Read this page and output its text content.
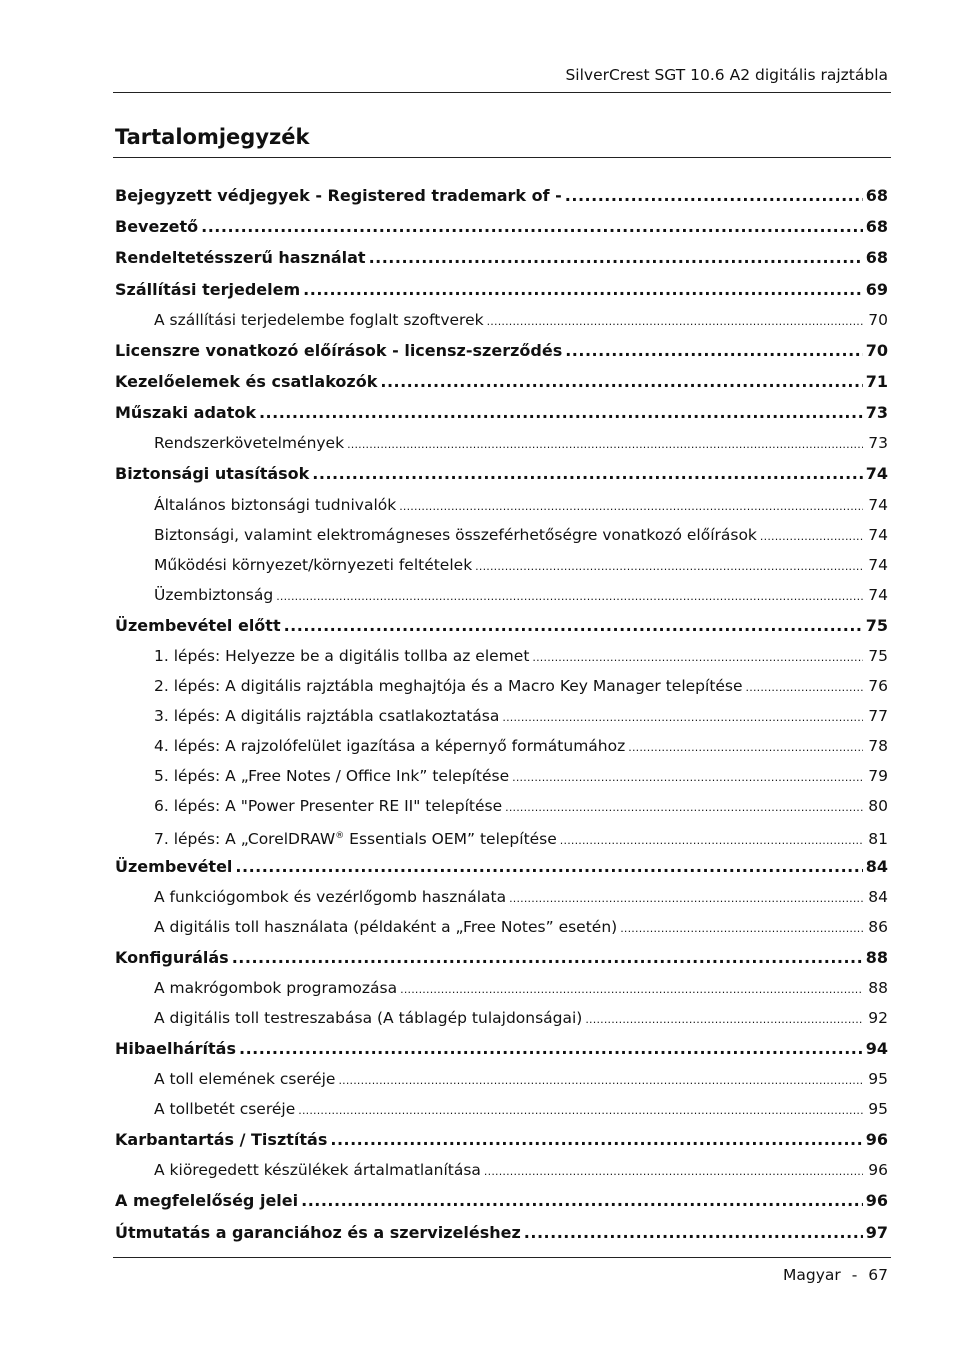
SilverCrest SGT 10.6 A2 digitális rajztábla
Tartalomjegyzék
Bejegyzett védjegyek - Registered trademark of - .....	68
Bevezető .....	68
Rendeltetésszerű használat .....	68
Szállítási terjedelem .....	69
A szállítási terjedelembe foglalt szoftverek .....	70
Licenszre vonatkozó előírások - licensz-szerződés .....	70
Kezelőelemek és csatlakozók .....	71
Műszaki adatok .....	73
Rendszerkövetelmények .....	73
Biztonsági utasítások .....	74
Általános biztonsági tudnivalók .....	74
Biztonsági, valamint elektromágneses összeférhetőségre vonatkozó előírások .....	74
Működési környezet/környezeti feltételek .....	74
Üzembiztonság .....	74
Üzembevétel előtt .....	75
1. lépés: Helyezze be a digitális tollba az elemet .....	75
2. lépés: A digitális rajztábla meghajtója és a Macro Key Manager telepítése .....	76
3. lépés: A digitális rajztábla csatlakoztatása .....	77
4. lépés: A rajzolófelület igazítása a képernyő formátumához .....	78
5. lépés: A „Free Notes / Office Ink” telepítése .....	79
6. lépés: A "Power Presenter RE II" telepítése .....	80
7. lépés: A „CorelDRAW® Essentials OEM” telepítése .....	81
Üzembevétel .....	84
A funkciógombok és vezérlőgomb használata .....	84
A digitális toll használata (példaként a „Free Notes” esetén) .....	86
Konfigurálás .....	88
A makrógombok programozása .....	88
A digitális toll testreszabása (A táblagép tulajdonságai) .....	92
Hibaelhárítás .....	94
A toll elemének cseréje .....	95
A tollbetét cseréje .....	95
Karbantartás / Tisztítás .....	96
A kiöregedett készülékek ártalmatlanítása .....	96
A megfelelőség jelei .....	96
Útmutatás a garanciához és a szervizeléshez .....	97
Magyar - 67
